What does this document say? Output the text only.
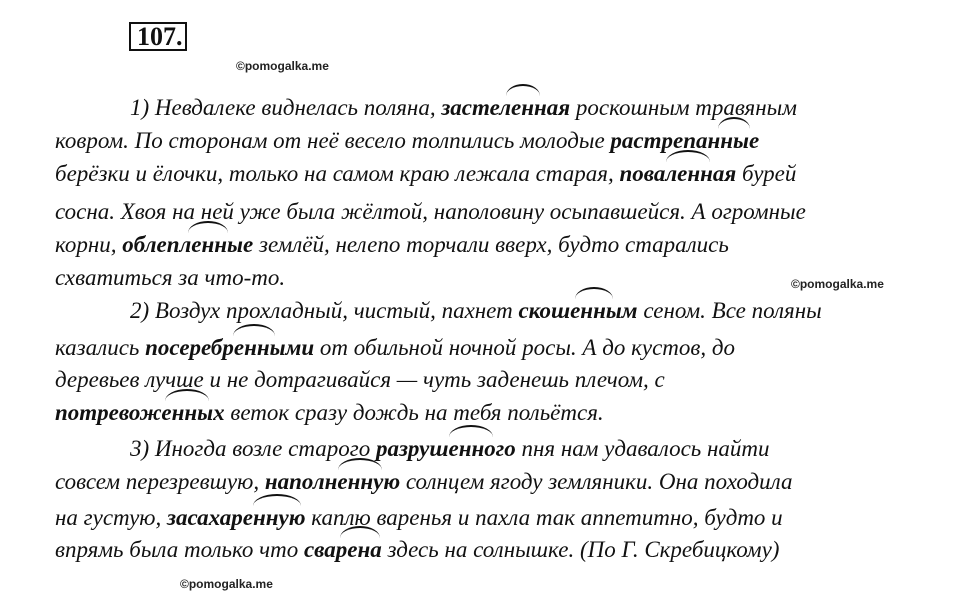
107.
©pomogalka.me
©pomogalka.me
©pomogalka.me
1) Невдалеке виднелась поляна, застеленная
роскошным травяным
ковром. По сторонам от неё весело толпились молодые растрепанные
берёзки и ёлочки, только на самом краю лежала старая, поваленная
бурей
сосна. Хвоя на ней уже была жёлтой, наполовину осыпавшейся. А огромные
корни, облепленные
землёй, нелепо торчали вверх, будто старались
схватиться за что-то.
2) Воздух прохладный, чистый, пахнет скошенным
сеном. Все поляны
казались посеребренными
от обильной ночной росы. А до кустов, до
деревьев лучше и не дотрагивайся — чуть заденешь плечом, с
потревоженных
веток сразу дождь на тебя польётся.
3) Иногда возле старого разрушенного
пня нам удавалось найти
совсем перезревшую, наполненную
солнцем ягоду земляники. Она походила
на густую, засахаренную
каплю варенья и пахла так аппетитно, будто и
впрямь была только что сварена
здесь на солнышке. (По Г. Скребицкому)
